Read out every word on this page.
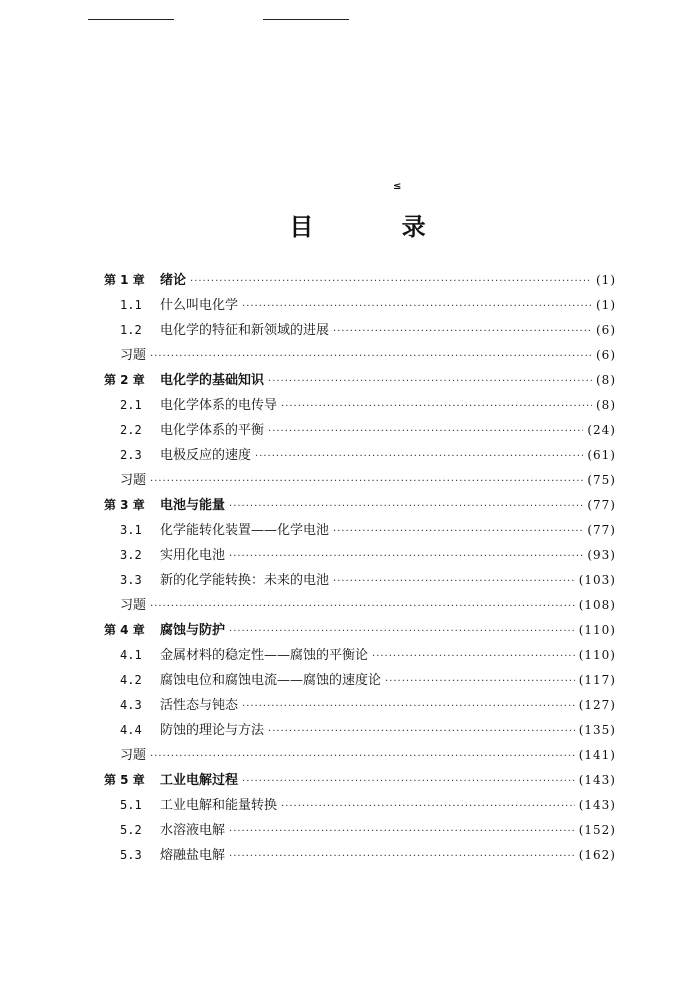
≤
目 录
第 1 章	绪论 ·····	(1)
1.1	什么叫电化学 ·····	(1)
1.2	电化学的特征和新领域的进展 ·····	(6)
习题 ·····	(6)
第 2 章	电化学的基础知识 ·····	(8)
2.1	电化学体系的电传导 ·····	(8)
2.2	电化学体系的平衡 ·····	(24)
2.3	电极反应的速度 ·····	(61)
习题 ·····	(75)
第 3 章	电池与能量 ·····	(77)
3.1	化学能转化装置——化学电池 ·····	(77)
3.2	实用化电池 ·····	(93)
3.3	新的化学能转换：未来的电池 ·····	(103)
习题 ·····	(108)
第 4 章	腐蚀与防护 ·····	(110)
4.1	金属材料的稳定性——腐蚀的平衡论 ·····	(110)
4.2	腐蚀电位和腐蚀电流——腐蚀的速度论 ·····	(117)
4.3	活性态与钝态 ·····	(127)
4.4	防蚀的理论与方法 ·····	(135)
习题 ·····	(141)
第 5 章	工业电解过程 ·····	(143)
5.1	工业电解和能量转换 ·····	(143)
5.2	水溶液电解 ·····	(152)
5.3	熔融盐电解 ·····	(162)
